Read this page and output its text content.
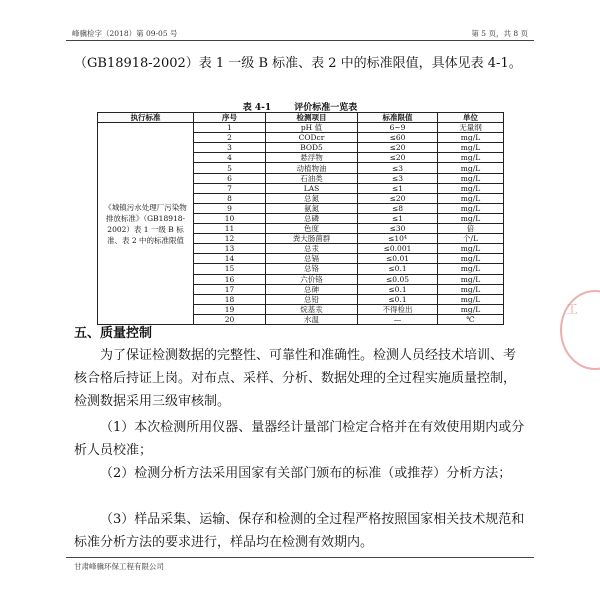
峰骥检字（2018）第 09-05 号	第 5 页，共 8 页
（GB18918-2002）表 1 一级 B 标准、表 2 中的标准限值，具体见表 4-1。
表 4-1	评价标准一览表
执行标准	序号	检测项目	标准限值	单位
《城镇污水处理厂污染物排放标准》（GB18918-2002）表 1 一级 B 标准、表 2 中的标准限值	1	pH 值	6~9	无量纲
	2	CODcr	≤60	mg/L
	3	BOD5	≤20	mg/L
	4	悬浮物	≤20	mg/L
	5	动植物油	≤3	mg/L
	6	石油类	≤3	mg/L
	7	LAS	≤1	mg/L
	8	总氮	≤20	mg/L
	9	氨氮	≤8	mg/L
	10	总磷	≤1	mg/L
	11	色度	≤30	倍
	12	粪大肠菌群	≤10⁴	个/L
	13	总汞	≤0.001	mg/L
	14	总镉	≤0.01	mg/L
	15	总铬	≤0.1	mg/L
	16	六价铬	≤0.05	mg/L
	17	总砷	≤0.1	mg/L
	18	总铅	≤0.1	mg/L
	19	烷基汞	不得检出	mg/L
	20	水温	—	℃
五、质量控制
为了保证检测数据的完整性、可靠性和准确性。检测人员经技术培训、考核合格后持证上岗。对布点、采样、分析、数据处理的全过程实施质量控制，检测数据采用三级审核制。
（1）本次检测所用仪器、量器经计量部门检定合格并在有效使用期内或分析人员校准；
（2）检测分析方法采用国家有关部门颁布的标准（或推荐）分析方法；
（3）样品采集、运输、保存和检测的全过程严格按照国家相关技术规范和标准分析方法的要求进行，样品均在检测有效期内。
甘肃峰骥环保工程有限公司
工
